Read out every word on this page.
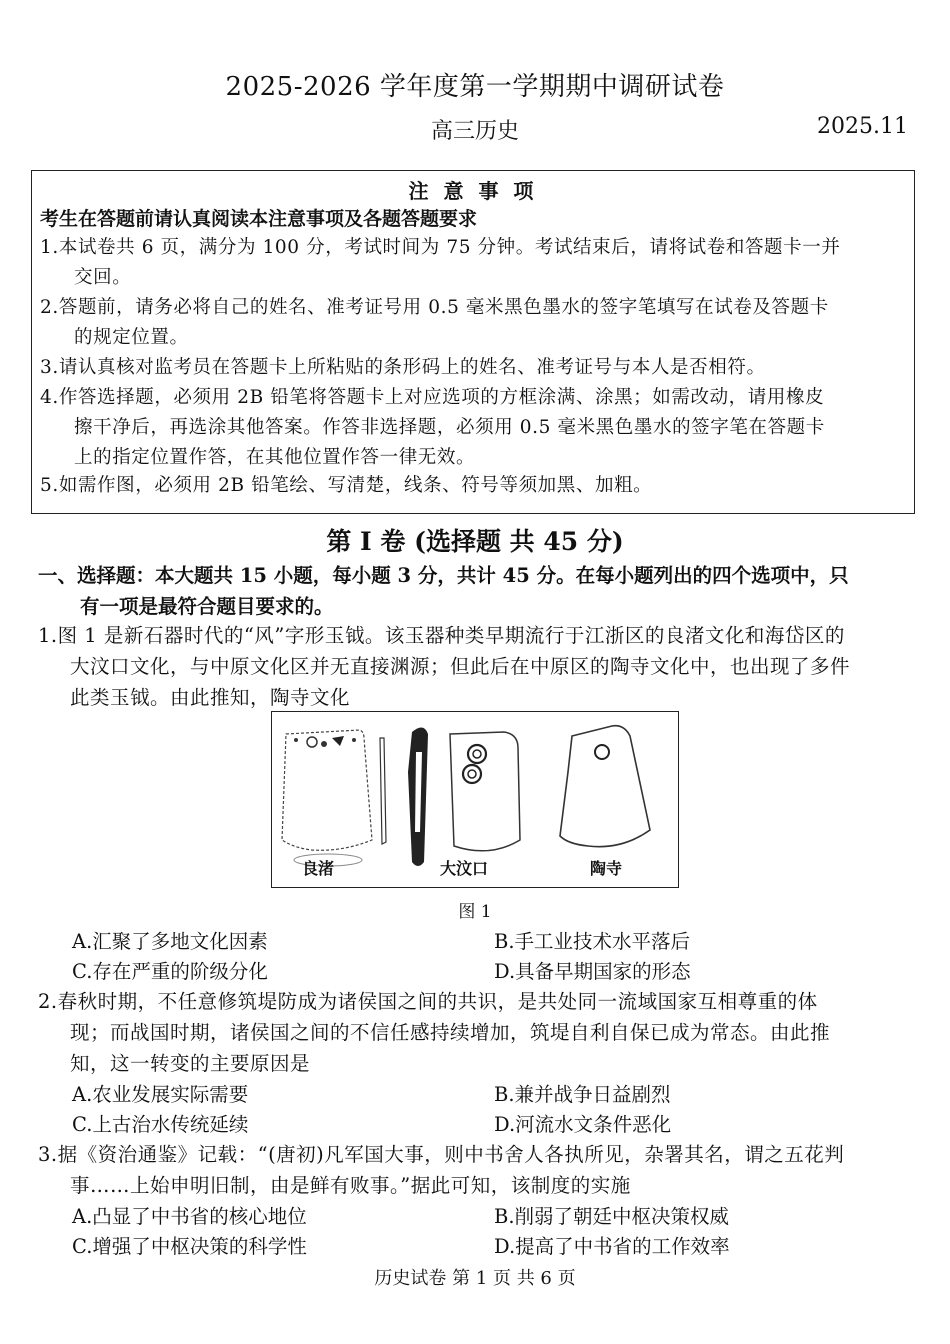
2025-2026 学年度第一学期期中调研试卷
高三历史	2025.11
注 意 事 项
考生在答题前请认真阅读本注意事项及各题答题要求
1.本试卷共 6 页，满分为 100 分，考试时间为 75 分钟。考试结束后，请将试卷和答题卡一并
交回。
2.答题前，请务必将自己的姓名、准考证号用 0.5 毫米黑色墨水的签字笔填写在试卷及答题卡
的规定位置。
3.请认真核对监考员在答题卡上所粘贴的条形码上的姓名、准考证号与本人是否相符。
4.作答选择题，必须用 2B 铅笔将答题卡上对应选项的方框涂满、涂黑；如需改动，请用橡皮
擦干净后，再选涂其他答案。作答非选择题，必须用 0.5 毫米黑色墨水的签字笔在答题卡
上的指定位置作答，在其他位置作答一律无效。
5.如需作图，必须用 2B 铅笔绘、写清楚，线条、符号等须加黑、加粗。
第 I 卷 (选择题 共 45 分)
一、选择题：本大题共 15 小题，每小题 3 分，共计 45 分。在每小题列出的四个选项中，只
有一项是最符合题目要求的。
1.图 1 是新石器时代的“风”字形玉钺。该玉器种类早期流行于江浙区的良渚文化和海岱区的
大汶口文化，与中原文化区并无直接渊源；但此后在中原区的陶寺文化中，也出现了多件
此类玉钺。由此推知，陶寺文化
良渚	大汶口	陶寺
图 1
A.汇聚了多地文化因素	B.手工业技术水平落后
C.存在严重的阶级分化	D.具备早期国家的形态
2.春秋时期，不任意修筑堤防成为诸侯国之间的共识，是共处同一流域国家互相尊重的体
现；而战国时期，诸侯国之间的不信任感持续增加，筑堤自利自保已成为常态。由此推
知，这一转变的主要原因是
A.农业发展实际需要	B.兼并战争日益剧烈
C.上古治水传统延续	D.河流水文条件恶化
3.据《资治通鉴》记载：“(唐初)凡军国大事，则中书舍人各执所见，杂署其名，谓之五花判
事……上始申明旧制，由是鲜有败事。”据此可知，该制度的实施
A.凸显了中书省的核心地位	B.削弱了朝廷中枢决策权威
C.增强了中枢决策的科学性	D.提高了中书省的工作效率
历史试卷 第 1 页 共 6 页
